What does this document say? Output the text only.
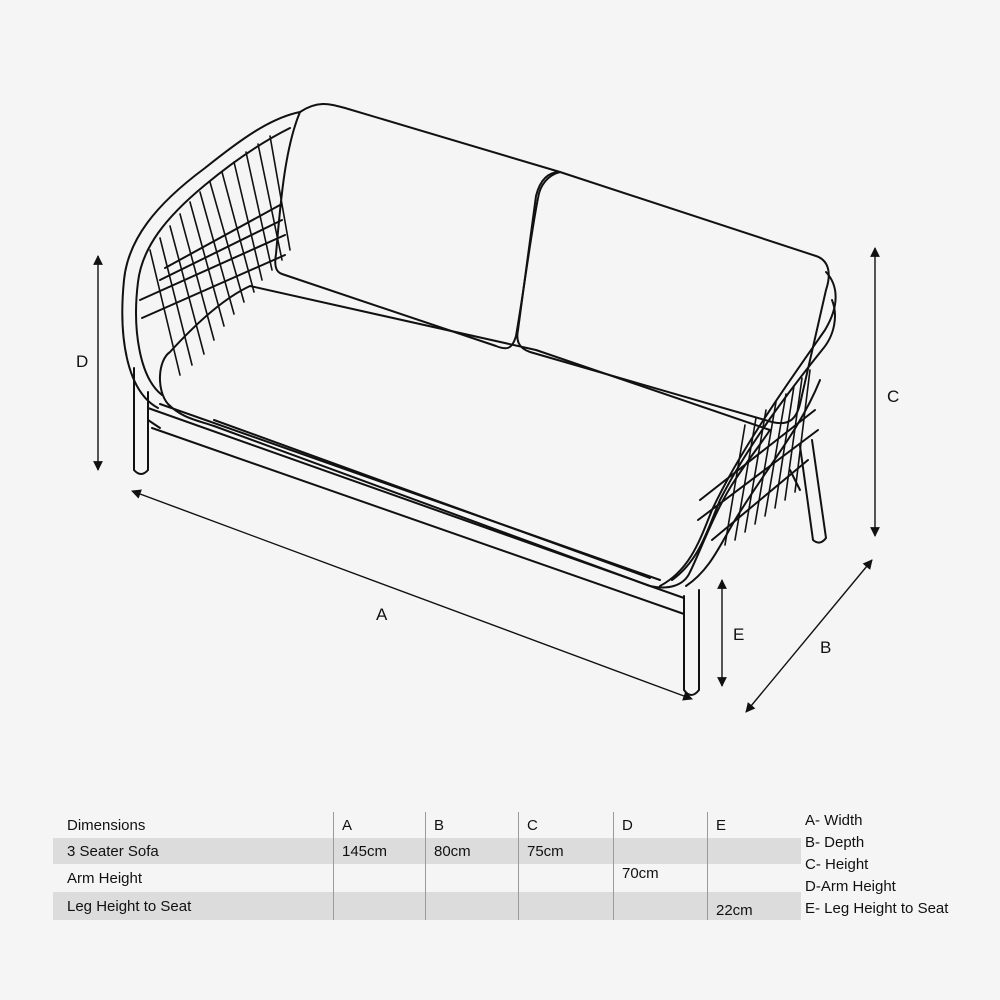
D
A
C
E
B
Dimensions	A	B	C	D	E
3 Seater Sofa	145cm	80cm	75cm		
Arm Height				70cm	
Leg Height to Seat					22cm
A- Width
B- Depth
C- Height
D-Arm Height
E- Leg Height to Seat
